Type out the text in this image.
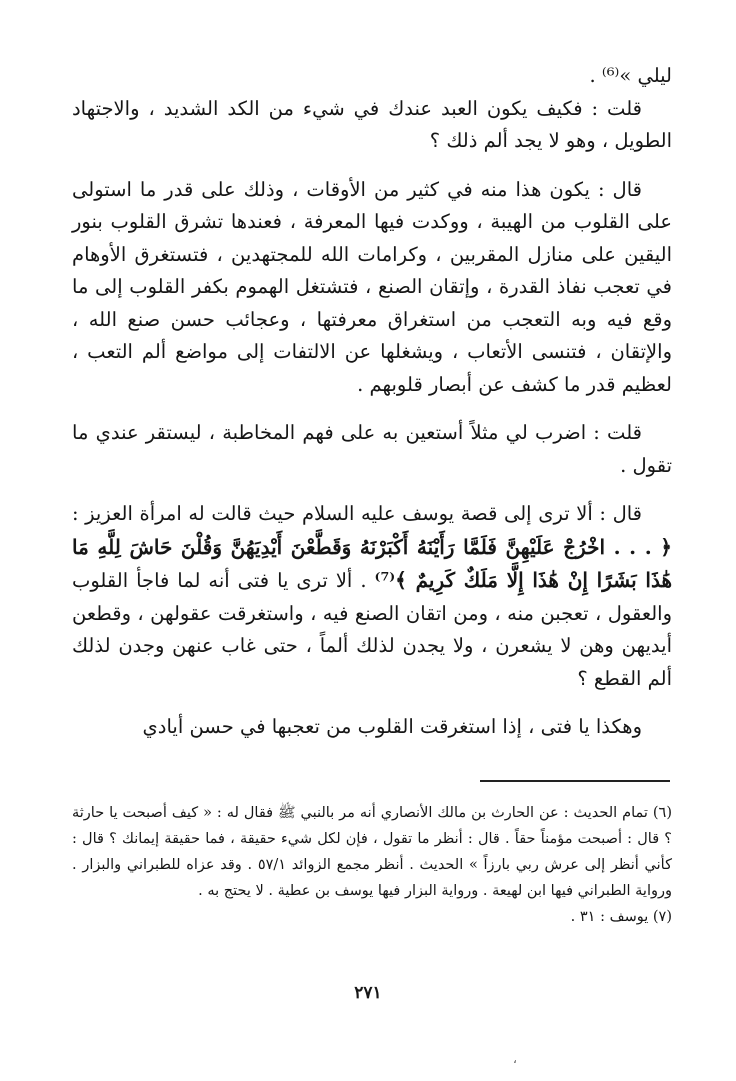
ليلي »⁽⁶⁾ .

قلت : فكيف يكون العبد عندك في شيء من الكد الشديد ، والاجتهاد الطويل ، وهو لا يجد ألم ذلك ؟

قال : يكون هذا منه في كثير من الأوقات ، وذلك على قدر ما استولى على القلوب من الهيبة ، ووكدت فيها المعرفة ، فعندها تشرق القلوب بنور اليقين على منازل المقربين ، وكرامات الله للمجتهدين ، فتستغرق الأوهام في تعجب نفاذ القدرة ، وإتقان الصنع ، فتشتغل الهموم بكفر القلوب إلى ما وقع فيه وبه التعجب من استغراق معرفتها ، وعجائب حسن صنع الله ، والإتقان ، فتنسى الأتعاب ، ويشغلها عن الالتفات إلى مواضع ألم التعب ، لعظيم قدر ما كشف عن أبصار قلوبهم .

قلت : اضرب لي مثلاً أستعين به على فهم المخاطبة ، ليستقر عندي ما تقول .

قال : ألا ترى إلى قصة يوسف عليه السلام حيث قالت له امرأة العزيز : ﴿ . . . اخْرُجْ عَلَيْهِنَّ فَلَمَّا رَأَيْنَهُ أَكْبَرْنَهُ وَقَطَّعْنَ أَيْدِيَهُنَّ وَقُلْنَ حَاشَ لِلَّهِ مَا هَٰذَا بَشَرًا إِنْ هَٰذَا إِلَّا مَلَكٌ كَرِيمٌ ﴾⁽⁷⁾ . ألا ترى يا فتى أنه لما فاجأ القلوب والعقول ، تعجبن منه ، ومن اتقان الصنع فيه ، واستغرقت عقولهن ، وقطعن أيديهن وهن لا يشعرن ، ولا يجدن لذلك ألماً ، حتى غاب عنهن وجدن لذلك ألم القطع ؟

وهكذا يا فتى ، إذا استغرقت القلوب من تعجبها في حسن أيادي

(٦) تمام الحديث : عن الحارث بن مالك الأنصاري أنه مر بالنبي ﷺ فقال له : « كيف أصبحت يا حارثة ؟ قال : أصبحت مؤمناً حقاً . قال : أنظر ما تقول ، فإن لكل شيء حقيقة ، فما حقيقة إيمانك ؟ قال : كأني أنظر إلى عرش ربي بارزاً » الحديث . أنظر مجمع الزوائد ٥٧/١ . وقد عزاه للطبراني والبزار . ورواية الطبراني فيها ابن لهيعة . ورواية البزار فيها يوسف بن عطية . لا يحتج به .

(٧) يوسف : ٣١ .

٢٧١
،
